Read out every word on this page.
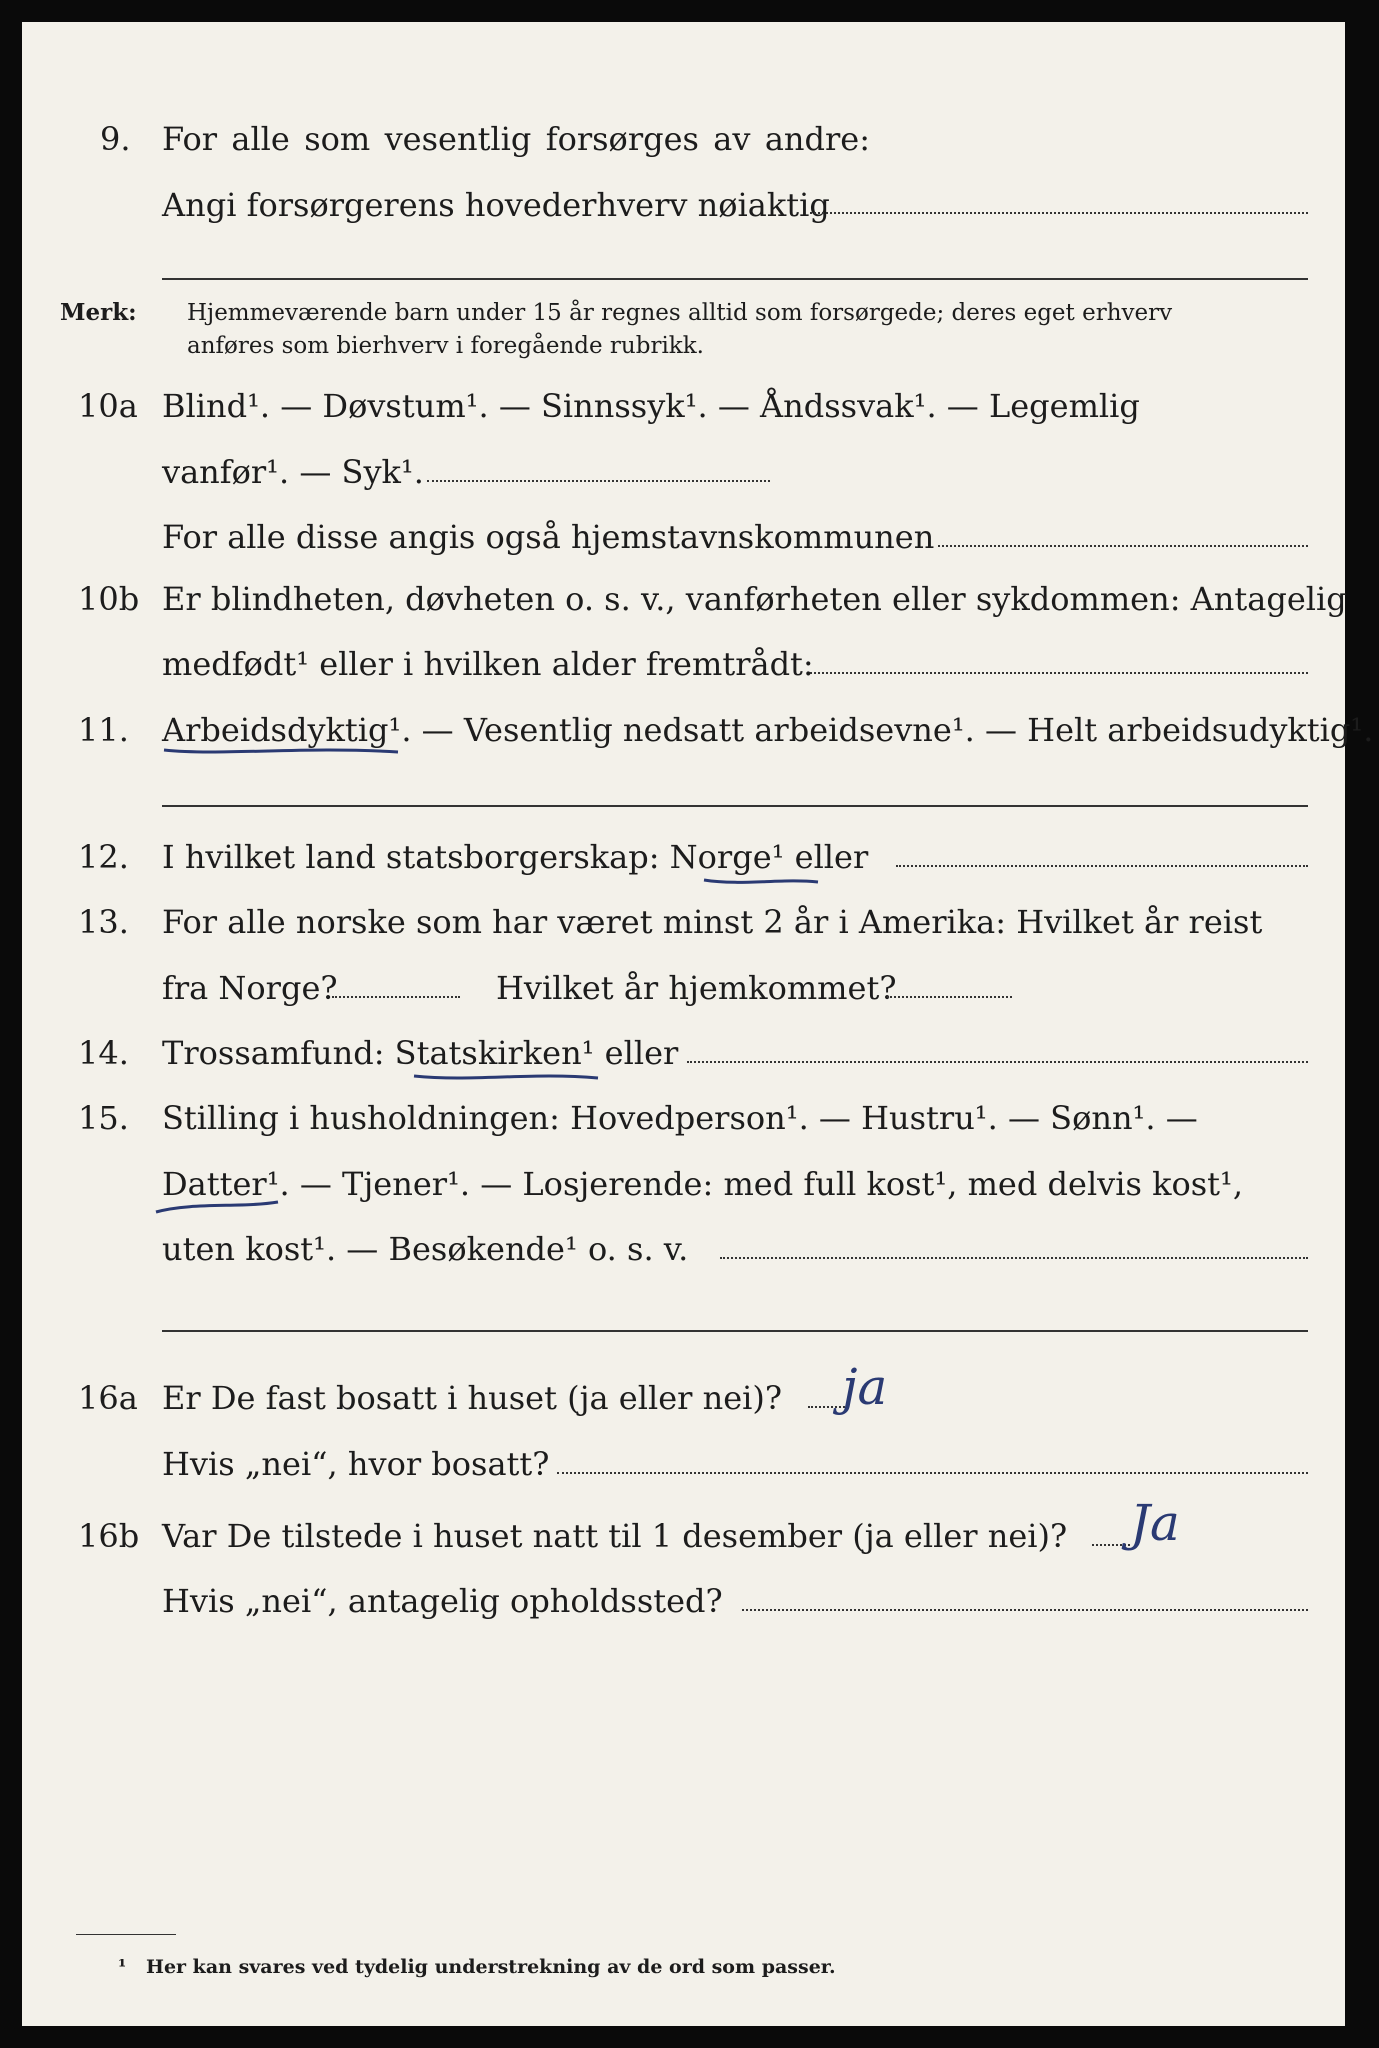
9. For alle som vesentlig forsørges av andre:
Angi forsørgerens hovederhverv nøiaktig
Merk: Hjemmeværende barn under 15 år regnes alltid som forsørgede; deres eget erhverv
anføres som bierhverv i foregående rubrikk.
10a Blind¹. — Døvstum¹. — Sinnssyk¹. — Åndssvak¹. — Legemlig
vanfør¹. — Syk¹.
For alle disse angis også hjemstavnskommunen
10b Er blindheten, døvheten o. s. v., vanførheten eller sykdommen: Antagelig
medfødt¹ eller i hvilken alder fremtrådt:
11. Arbeidsdyktig¹. — Vesentlig nedsatt arbeidsevne¹. — Helt arbeidsudyktig¹.
12. I hvilket land statsborgerskap: Norge¹ eller
13. For alle norske som har været minst 2 år i Amerika: Hvilket år reist
fra Norge?	Hvilket år hjemkommet?
14. Trossamfund: Statskirken¹ eller
15. Stilling i husholdningen: Hovedperson¹. — Hustru¹. — Sønn¹. —
Datter¹. — Tjener¹. — Losjerende: med full kost¹, med delvis kost¹,
uten kost¹. — Besøkende¹ o. s. v.
16a Er De fast bosatt i huset (ja eller nei)? ja
Hvis „nei“, hvor bosatt?
16b Var De tilstede i huset natt til 1 desember (ja eller nei)? Ja
Hvis „nei“, antagelig opholdssted?
¹ Her kan svares ved tydelig understrekning av de ord som passer.
